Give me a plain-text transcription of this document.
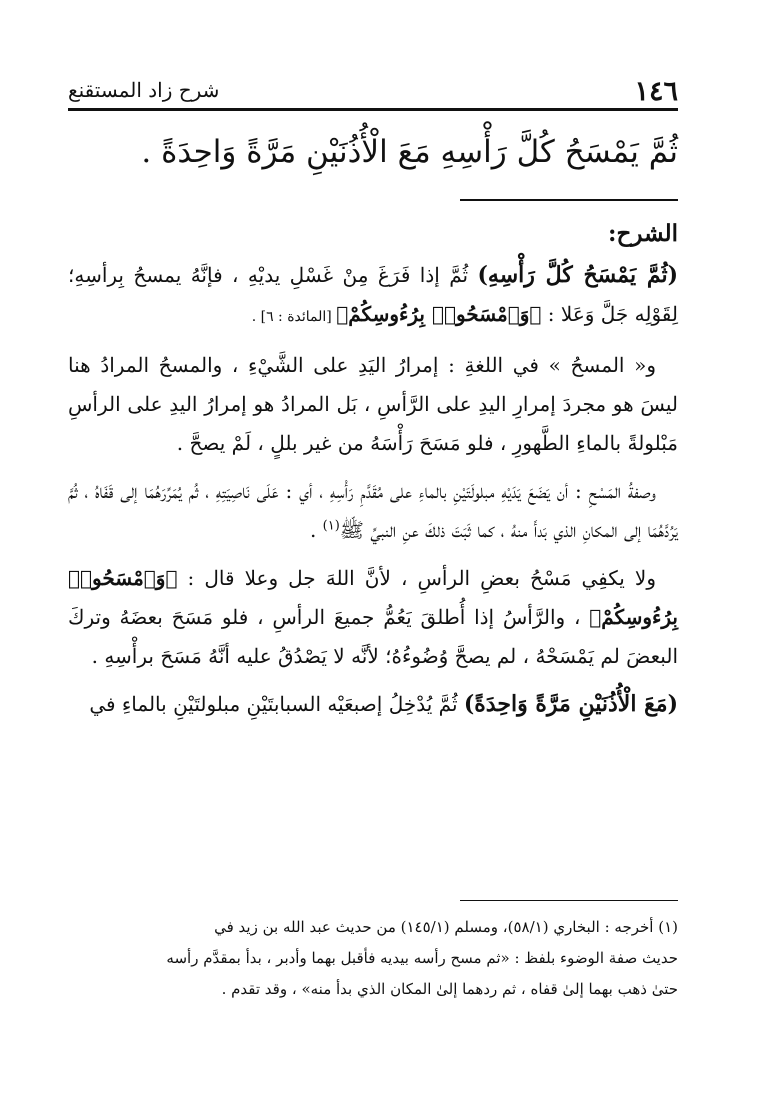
١٤٦
شرح زاد المستقنع
ثُمَّ يَمْسَحُ كُلَّ رَأْسِهِ مَعَ الْأُذُنَيْنِ مَرَّةً وَاحِدَةً .
الشرح:

(ثُمَّ يَمْسَحُ كُلَّ رَأْسِهِ) ثُمَّ إذا فَرَغَ مِنْ غَسْلِ يديْهِ ، فإنَّهُ يمسحُ بِرأسِهِ؛ لِقَوْلِه جَلَّ وَعَلا : ﴿وَٱمْسَحُوا۟ بِرُءُوسِكُمْ﴾ [المائدة : ٦] .

و« المسحُ » في اللغةِ : إمرارُ اليَدِ على الشَّيْءِ ، والمسحُ المرادُ هنا ليسَ هو مجردَ إمرارِ اليدِ على الرَّأسِ ، بَل المرادُ هو إمرارُ اليدِ على الرأسِ مَبْلولةً بالماءِ الطَّهورِ ، فلو مَسَحَ رَأْسَهُ من غير بللٍ ، لَمْ يصحَّ .

وصفةُ المَسْحِ : أن يَضَعَ يَدَيْهِ مبلولَتَيْنِ بالماءِ على مُقَدَّمِ رَأْسِهِ ، أي : عَلَى نَاصِيَتِهِ ، ثُم يُمَرِّرَهُمَا إلى قَفَاهُ ، ثُمَّ يَرُدَّهُمَا إلى المكانِ الذي بَدأَ منهُ ، كما ثَبَتَ ذلكَ عنِ النبيِّ ﷺ$^{(١)}$ .

ولا يكفِي مَسْحُ بعضِ الرأسِ ، لأنَّ اللهَ جل وعلا قال : ﴿وَٱمْسَحُوا۟ بِرُءُوسِكُمْ﴾ ، والرَّأسُ إذا أُطلقَ يَعُمُّ جميعَ الرأسِ ، فلو مَسَحَ بعضَهُ وتركَ البعضَ لم يَمْسَحْهُ ، لم يصحَّ وُضُوءُهُ؛ لأنَّه لا يَصْدُقُ عليه أنَّهُ مَسَحَ برأْسِهِ .

(مَعَ الْأُذُنَيْنِ مَرَّةً وَاحِدَةً) ثُمَّ يُدْخِلُ إصبعَيْه السبابتَيْنِ مبلولتَيْنِ بالماءِ في

(١) أخرجه : البخاري (٥٨/١)، ومسلم (١٤٥/١) من حديث عبد الله بن زيد في

حديث صفة الوضوء بلفظ : «ثم مسح رأسه بيديه فأقبل بهما وأدبر ، بدأ بمقدَّم رأسه

حتىٰ ذهب بهما إلىٰ قفاه ، ثم ردهما إلىٰ المكان الذي بدأ منه» ، وقد تقدم .
